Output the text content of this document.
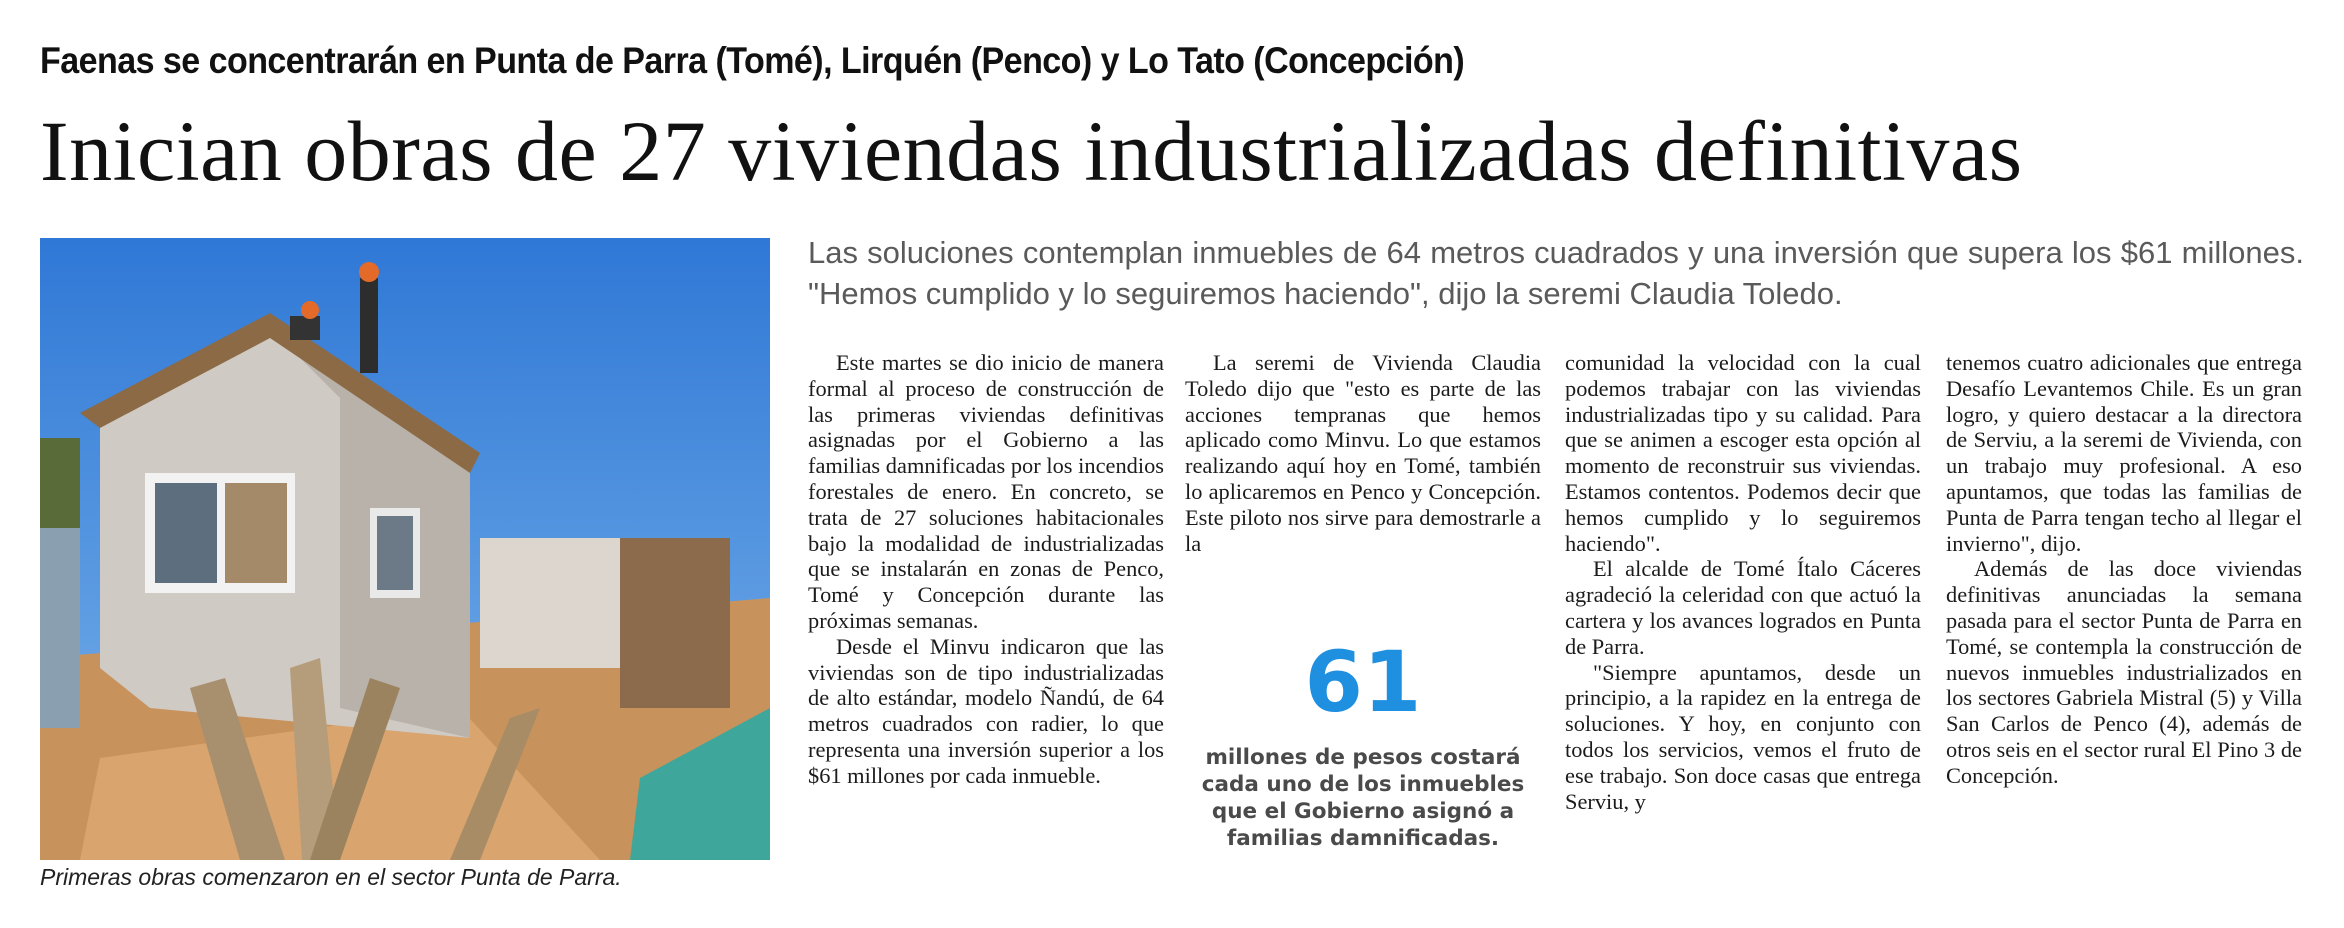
Faenas se concentrarán en Punta de Parra (Tomé), Lirquén (Penco) y Lo Tato (Concepción)
Inician obras de 27 viviendas industrializadas definitivas
Primeras obras comenzaron en el sector Punta de Parra.
Las soluciones contemplan inmuebles de 64 metros cuadrados y una inversión que supera los $61 millones. "Hemos cumplido y lo seguiremos haciendo", dijo la seremi Claudia Toledo.

Este martes se dio inicio de manera formal al proceso de construcción de las primeras viviendas definitivas asignadas por el Gobierno a las familias damnificadas por los incendios forestales de enero. En concreto, se trata de 27 soluciones habitacionales bajo la modalidad de industrializadas que se instalarán en zonas de Penco, Tomé y Concepción durante las próximas semanas.

Desde el Minvu indicaron que las viviendas son de tipo industrializadas de alto estándar, modelo Ñandú, de 64 metros cuadrados con radier, lo que representa una inversión superior a los $61 millones por cada inmueble.

La seremi de Vivienda Claudia Toledo dijo que "esto es parte de las acciones tempranas que hemos aplicado como Minvu. Lo que estamos realizando aquí hoy en Tomé, también lo aplicaremos en Penco y Concepción. Este piloto nos sirve para demostrarle a la

61
millones de pesos costará cada uno de los inmuebles que el Gobierno asignó a familias damnificadas.

comunidad la velocidad con la cual podemos trabajar con las viviendas industrializadas tipo y su calidad. Para que se animen a escoger esta opción al momento de reconstruir sus viviendas. Estamos contentos. Podemos decir que hemos cumplido y lo seguiremos haciendo".

El alcalde de Tomé Ítalo Cáceres agradeció la celeridad con que actuó la cartera y los avances logrados en Punta de Parra.

"Siempre apuntamos, desde un principio, a la rapidez en la entrega de soluciones. Y hoy, en conjunto con todos los servicios, vemos el fruto de ese trabajo. Son doce casas que entrega Serviu, y

tenemos cuatro adicionales que entrega Desafío Levantemos Chile. Es un gran logro, y quiero destacar a la directora de Serviu, a la seremi de Vivienda, con un trabajo muy profesional. A eso apuntamos, que todas las familias de Punta de Parra tengan techo al llegar el invierno", dijo.

Además de las doce viviendas definitivas anunciadas la semana pasada para el sector Punta de Parra en Tomé, se contempla la construcción de nuevos inmuebles industrializados en los sectores Gabriela Mistral (5) y Villa San Carlos de Penco (4), además de otros seis en el sector rural El Pino 3 de Concepción.
